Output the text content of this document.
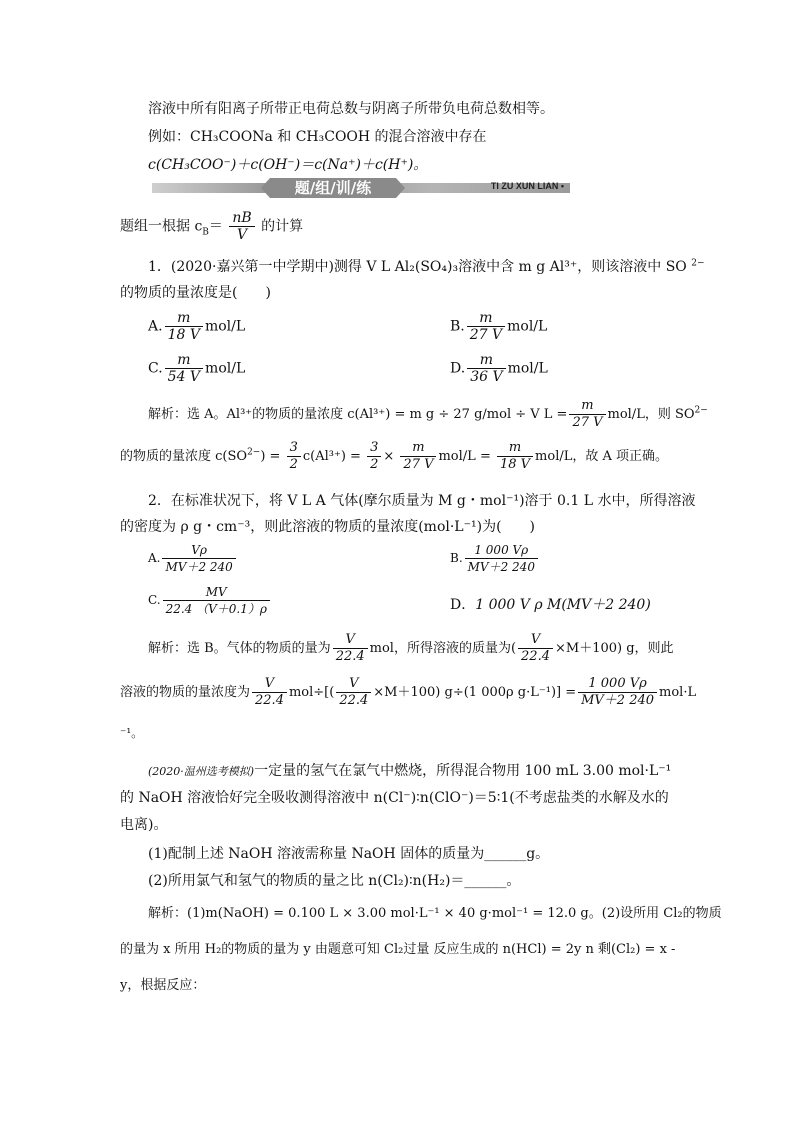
溶液中所有阳离子所带正电荷总数与阴离子所带负电荷总数相等。
例如：CH₃COONa 和 CH₃COOH 的混合溶液中存在
c(CH₃COO⁻)＋c(OH⁻)＝c(Na⁺)＋c(H⁺)。
题/组/训/练	TI ZU XUN LIAN •
题组一根据 $c_B= \frac{nB}{V}$ 的计算
1．(2020·嘉兴第一中学期中)测得 V L Al₂(SO₄)₃溶液中含 m g Al³⁺，则该溶液中 SO $^{2-}$
的物质的量浓度是(　　)
A. $\frac{m}{18 V} mol/L$	B. $\frac{m}{27 V} mol/L$
C. $\frac{m}{54 V} mol/L$	D. $\frac{m}{36 V} mol/L$
解析：选 A。Al³⁺的物质的量浓度 c(Al³⁺) = m g ÷ 27 g/mol ÷ V $L = \frac{m}{27 V} mol/L$，则 $SO^{2-}$
的物质的量浓度 $c(SO^{2-}) = \frac{3}{2} c(Al^{3+}) = \frac{3}{2} \times \frac{m}{27 V} mol/L = \frac{m}{18 V} mol/L$，故 A 项正确。
2．在标准状况下，将 V L A 气体(摩尔质量为 M g・mol⁻¹)溶于 0.1 L 水中，所得溶液
的密度为 ρ g・cm⁻³，则此溶液的物质的量浓度(mol·L⁻¹)为(　　)
A. $\frac{V\rho}{MV+2 240}$	B. $\frac{1 000 V\rho}{MV+2 240}$
C. $\frac{MV}{22.4 (V+0.1)\rho}$	D．1 000 V ρ M(MV＋2 240)
解析：选 B。气体的物质的量为 $\frac{V}{22.4}$ mol，所得溶液的质量为( $\frac{V}{22.4} \times M+100$) g，则此
溶液的物质的量浓度为 $\frac{V}{22.4} mol\div[( \frac{V}{22.4} \times M+100)$ g÷(1 000ρ $g\cdot L^{-1})] = \frac{1 000 V\rho}{MV+2 240} mol\cdot L$
⁻¹。
(2020·温州选考模拟)一定量的氢气在氯气中燃烧，所得混合物用 100 mL 3.00 mol·L⁻¹
的 NaOH 溶液恰好完全吸收测得溶液中 n(Cl⁻)∶n(ClO⁻)＝5∶1(不考虑盐类的水解及水的
电离)。
(1)配制上述 NaOH 溶液需称量 NaOH 固体的质量为______g。
(2)所用氯气和氢气的物质的量之比 n(Cl₂)∶n(H₂)＝______。
解析：(1)m(NaOH) = 0.100 L × 3.00 mol·L⁻¹ × 40 g·mol⁻¹ = 12.0 g。(2)设所用 Cl₂的物质
的量为 x 所用 H₂的物质的量为 y 由题意可知 Cl₂过量 反应生成的 n(HCl) = 2y n 剩(Cl₂) = x -
y，根据反应：
